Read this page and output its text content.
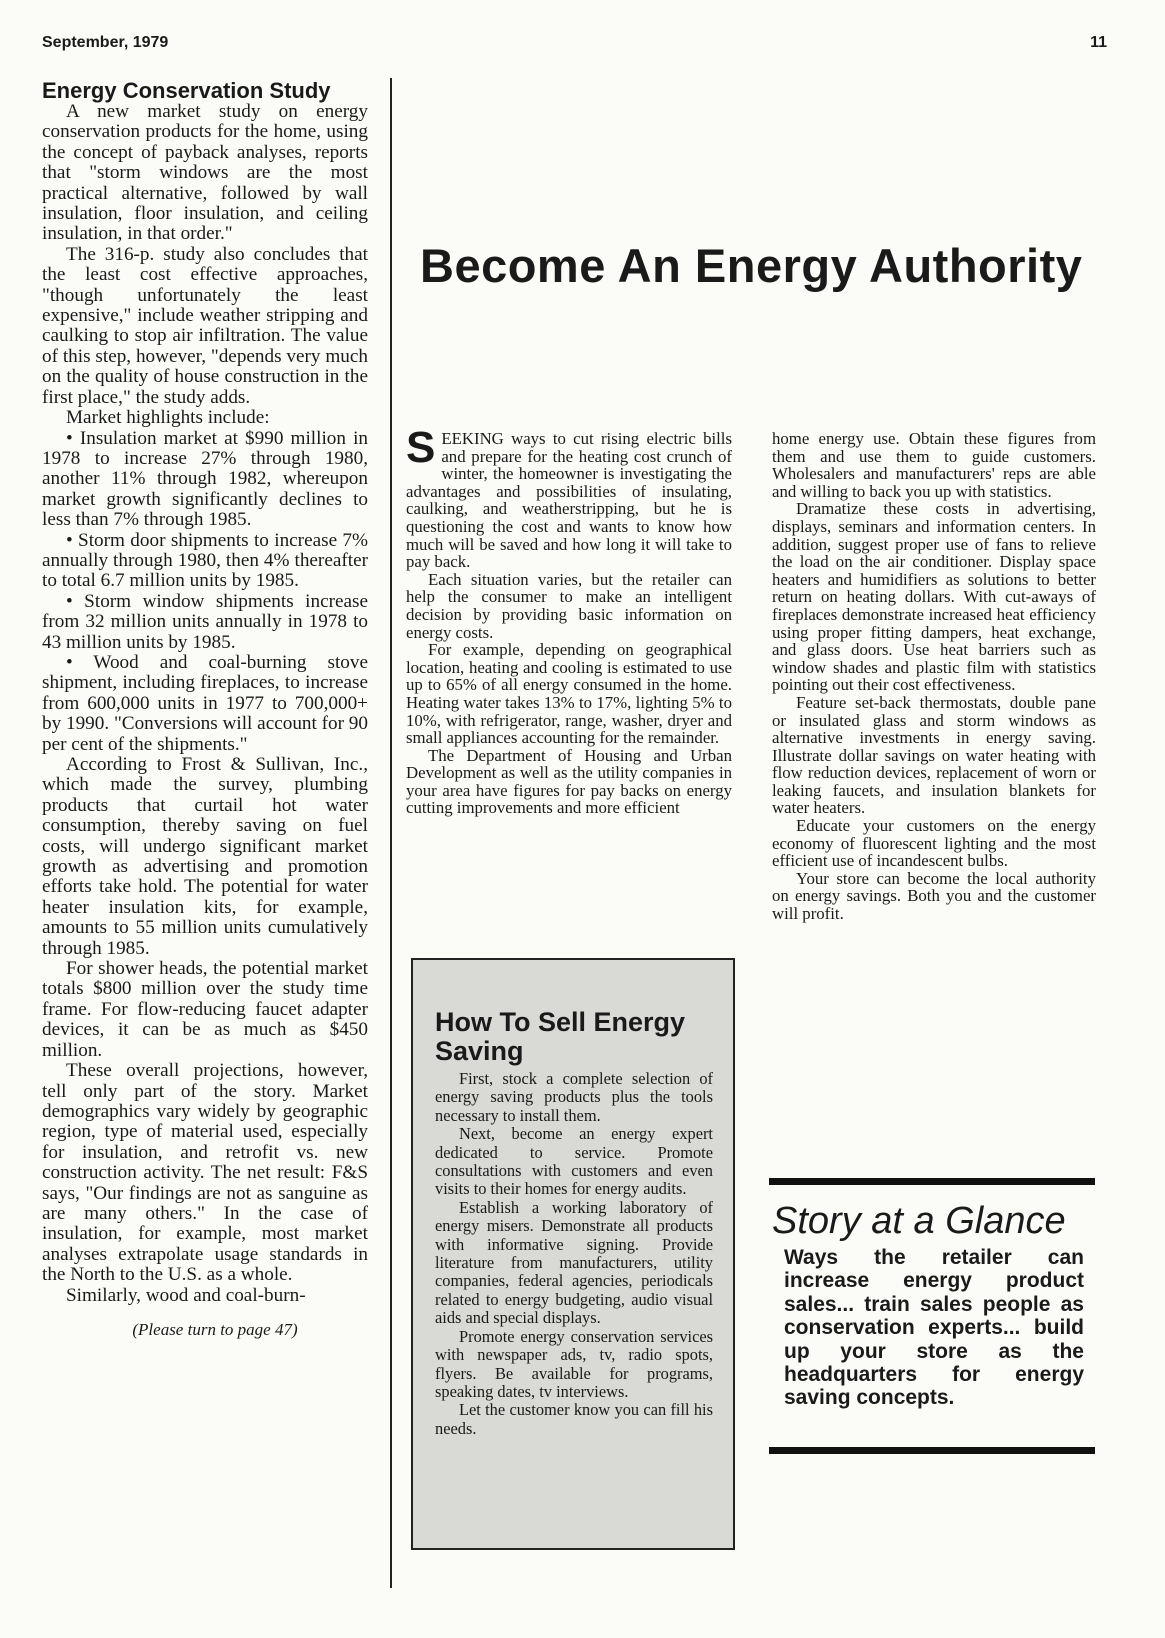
September, 1979	11
Energy Conservation Study

A new market study on energy conservation products for the home, using the concept of payback analyses, reports that "storm windows are the most practical alternative, followed by wall insulation, floor insulation, and ceiling insulation, in that order."

The 316-p. study also concludes that the least cost effective approaches, "though unfortunately the least expensive," include weather stripping and caulking to stop air infiltration. The value of this step, however, "depends very much on the quality of house construction in the first place," the study adds.

Market highlights include:

• Insulation market at $990 million in 1978 to increase 27% through 1980, another 11% through 1982, whereupon market growth significantly declines to less than 7% through 1985.

• Storm door shipments to increase 7% annually through 1980, then 4% thereafter to total 6.7 million units by 1985.

• Storm window shipments increase from 32 million units annually in 1978 to 43 million units by 1985.

• Wood and coal-burning stove shipment, including fireplaces, to increase from 600,000 units in 1977 to 700,000+ by 1990. "Conversions will account for 90 per cent of the shipments."

According to Frost & Sullivan, Inc., which made the survey, plumbing products that curtail hot water consumption, thereby saving on fuel costs, will undergo significant market growth as advertising and promotion efforts take hold. The potential for water heater insulation kits, for example, amounts to 55 million units cumulatively through 1985.

For shower heads, the potential market totals $800 million over the study time frame. For flow-reducing faucet adapter devices, it can be as much as $450 million.

These overall projections, however, tell only part of the story. Market demographics vary widely by geographic region, type of material used, especially for insulation, and retrofit vs. new construction activity. The net result: F&S says, "Our findings are not as sanguine as are many others." In the case of insulation, for example, most market analyses extrapolate usage standards in the North to the U.S. as a whole.

Similarly, wood and coal-burn-

(Please turn to page 47)

Become An Energy Authority

SEEKING ways to cut rising electric bills and prepare for the heating cost crunch of winter, the homeowner is investigating the advantages and possibilities of insulating, caulking, and weatherstripping, but he is questioning the cost and wants to know how much will be saved and how long it will take to pay back.

Each situation varies, but the retailer can help the consumer to make an intelligent decision by providing basic information on energy costs.

For example, depending on geographical location, heating and cooling is estimated to use up to 65% of all energy consumed in the home. Heating water takes 13% to 17%, lighting 5% to 10%, with refrigerator, range, washer, dryer and small appliances accounting for the remainder.

The Department of Housing and Urban Development as well as the utility companies in your area have figures for pay backs on energy cutting improvements and more efficient

How To Sell Energy Saving

First, stock a complete selection of energy saving products plus the tools necessary to install them.

Next, become an energy expert dedicated to service. Promote consultations with customers and even visits to their homes for energy audits.

Establish a working laboratory of energy misers. Demonstrate all products with informative signing. Provide literature from manufacturers, utility companies, federal agencies, periodicals related to energy budgeting, audio visual aids and special displays.

Promote energy conservation services with newspaper ads, tv, radio spots, flyers. Be available for programs, speaking dates, tv interviews.

Let the customer know you can fill his needs.

home energy use. Obtain these figures from them and use them to guide customers. Wholesalers and manufacturers' reps are able and willing to back you up with statistics.

Dramatize these costs in advertising, displays, seminars and information centers. In addition, suggest proper use of fans to relieve the load on the air conditioner. Display space heaters and humidifiers as solutions to better return on heating dollars. With cut-aways of fireplaces demonstrate increased heat efficiency using proper fitting dampers, heat exchange, and glass doors. Use heat barriers such as window shades and plastic film with statistics pointing out their cost effectiveness.

Feature set-back thermostats, double pane or insulated glass and storm windows as alternative investments in energy saving. Illustrate dollar savings on water heating with flow reduction devices, replacement of worn or leaking faucets, and insulation blankets for water heaters.

Educate your customers on the energy economy of fluorescent lighting and the most efficient use of incandescent bulbs.

Your store can become the local authority on energy savings. Both you and the customer will profit.

Story at a Glance

Ways the retailer can increase energy product sales... train sales people as conservation experts... build up your store as the headquarters for energy saving concepts.
